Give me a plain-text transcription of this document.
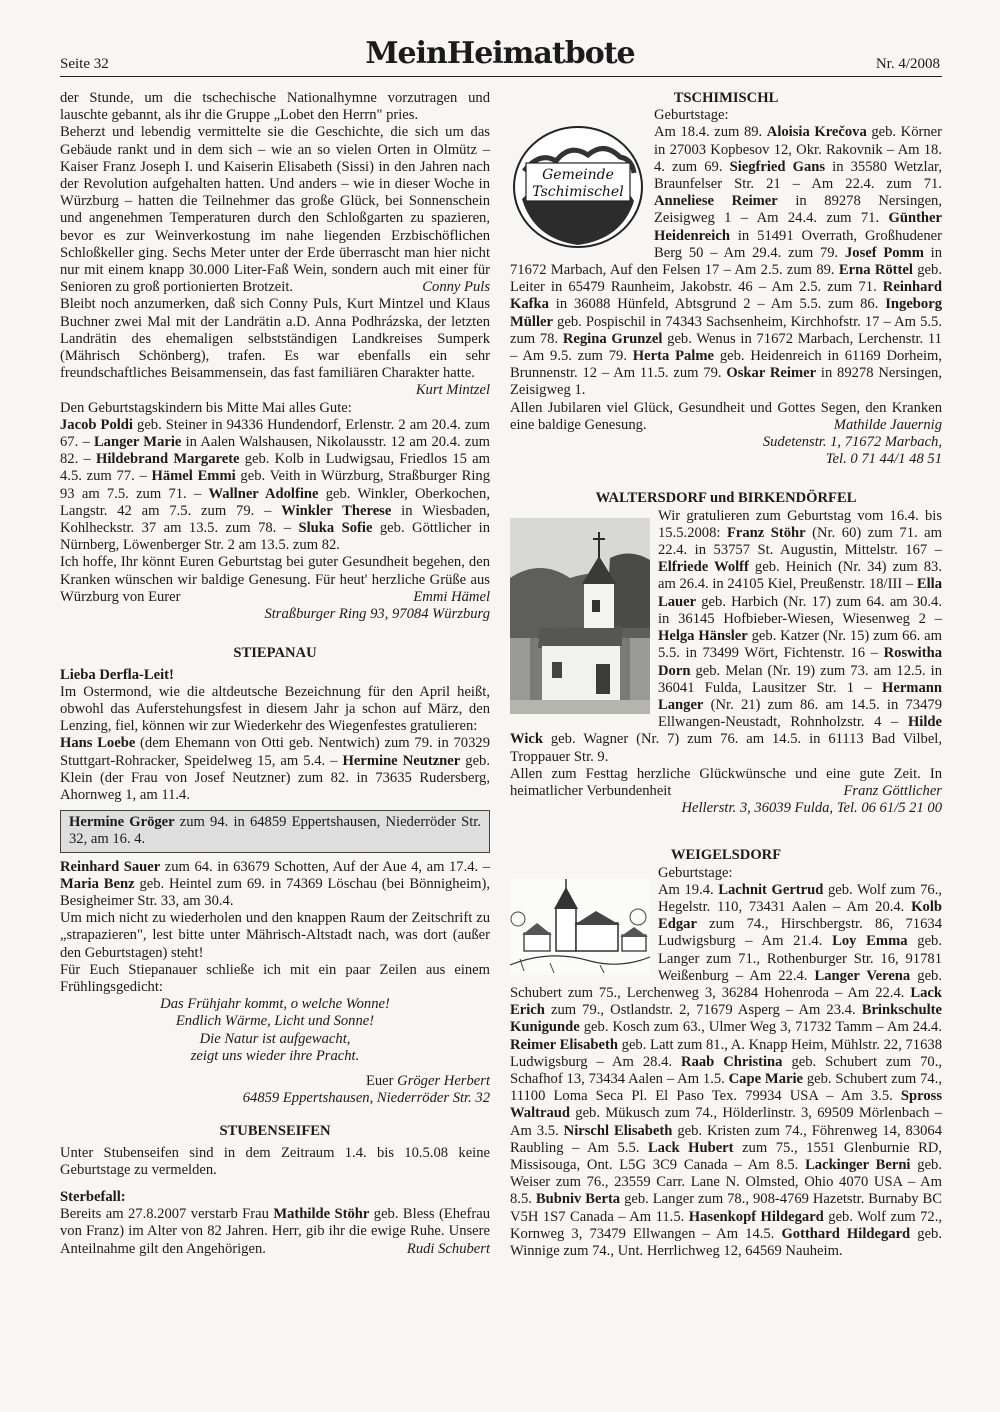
Seite 32	MeinHeimatbote	Nr. 4/2008

der Stunde, um die tschechische Nationalhymne vorzutragen und lauschte gebannt, als ihr die Gruppe „Lobet den Herrn" pries.

Beherzt und lebendig vermittelte sie die Geschichte, die sich um das Gebäude rankt und in dem sich – wie an so vielen Orten in Olmütz – Kaiser Franz Joseph I. und Kaiserin Elisabeth (Sissi) in den Jahren nach der Revolution aufgehalten hatten. Und anders – wie in dieser Woche in Würzburg – hatten die Teilnehmer das große Glück, bei Sonnenschein und angenehmen Temperaturen durch den Schloßgarten zu spazieren, bevor es zur Weinverkostung im nahe liegenden Erzbischöflichen Schloßkeller ging. Sechs Meter unter der Erde überrascht man hier nicht nur mit einem knapp 30.000 Liter-Faß Wein, sondern auch mit einer für Senioren zu groß portionierten Brotzeit.	Conny Puls

Bleibt noch anzumerken, daß sich Conny Puls, Kurt Mintzel und Klaus Buchner zwei Mal mit der Landrätin a.D. Anna Podhrázska, der letzten Landrätin des ehemaligen selbstständigen Landkreises Sumperk (Mährisch Schönberg), trafen. Es war ebenfalls ein sehr freundschaftliches Beisammensein, das fast familiären Charakter hatte.
Kurt Mintzel

Den Geburtstagskindern bis Mitte Mai alles Gute:

Jacob Poldi geb. Steiner in 94336 Hundendorf, Erlenstr. 2 am 20.4. zum 67. – Langer Marie in Aalen Walshausen, Nikolausstr. 12 am 20.4. zum 82. – Hildebrand Margarete geb. Kolb in Ludwigsau, Friedlos 15 am 4.5. zum 77. – Hämel Emmi geb. Veith in Würzburg, Straßburger Ring 93 am 7.5. zum 71. – Wallner Adolfine geb. Winkler, Oberkochen, Langstr. 42 am 7.5. zum 79. – Winkler Therese in Wiesbaden, Kohlheckstr. 37 am 13.5. zum 78. – Sluka Sofie geb. Göttlicher in Nürnberg, Löwenberger Str. 2 am 13.5. zum 82.

Ich hoffe, Ihr könnt Euren Geburtstag bei guter Gesundheit begehen, den Kranken wünschen wir baldige Genesung. Für heut' herzliche Grüße aus Würzburg von Eurer	Emmi Hämel

Straßburger Ring 93, 97084 Würzburg

STIEPANAU

Lieba Derfla-Leit!

Im Ostermond, wie die altdeutsche Bezeichnung für den April heißt, obwohl das Auferstehungsfest in diesem Jahr ja schon auf März, den Lenzing, fiel, können wir zur Wiederkehr des Wiegenfestes gratulieren:

Hans Loebe (dem Ehemann von Otti geb. Nentwich) zum 79. in 70329 Stuttgart-Rohracker, Speidelweg 15, am 5.4. – Hermine Neutzner geb. Klein (der Frau von Josef Neutzner) zum 82. in 73635 Rudersberg, Ahornweg 1, am 11.4.

Hermine Gröger zum 94. in 64859 Eppertshausen, Niederröder Str. 32, am 16. 4.

Reinhard Sauer zum 64. in 63679 Schotten, Auf der Aue 4, am 17.4. – Maria Benz geb. Heintel zum 69. in 74369 Löschau (bei Bönnigheim), Besigheimer Str. 33, am 30.4.

Um mich nicht zu wiederholen und den knappen Raum der Zeitschrift zu „strapazieren", lest bitte unter Mährisch-Altstadt nach, was dort (außer den Geburtstagen) steht!

Für Euch Stiepanauer schließe ich mit ein paar Zeilen aus einem Frühlingsgedicht:

Das Frühjahr kommt, o welche Wonne!
Endlich Wärme, Licht und Sonne!
Die Natur ist aufgewacht,
zeigt uns wieder ihre Pracht.

Euer Gröger Herbert

64859 Eppertshausen, Niederröder Str. 32

STUBENSEIFEN

Unter Stubenseifen sind in dem Zeitraum 1.4. bis 10.5.08 keine Geburtstage zu vermelden.

Sterbefall:

Bereits am 27.8.2007 verstarb Frau Mathilde Stöhr geb. Bless (Ehefrau von Franz) im Alter von 82 Jahren. Herr, gib ihr die ewige Ruhe. Unsere Anteilnahme gilt den Angehörigen.	Rudi Schubert

TSCHIMISCHL

Gemeinde
Tschimischel

Geburtstage:

Am 18.4. zum 89. Aloisia Krečova geb. Körner in 27003 Kopbesov 12, Okr. Rakovnik – Am 18. 4. zum 69. Siegfried Gans in 35580 Wetzlar, Braunfelser Str. 21 – Am 22.4. zum 71. Anneliese Reimer in 89278 Nersingen, Zeisigweg 1 – Am 24.4. zum 71. Günther Heidenreich in 51491 Overrath, Großhudener Berg 50 – Am 29.4. zum 79. Josef Pomm in 71672 Marbach, Auf den Felsen 17 – Am 2.5. zum 89. Erna Röttel geb. Leiter in 65479 Raunheim, Jakobstr. 46 – Am 2.5. zum 71. Reinhard Kafka in 36088 Hünfeld, Abtsgrund 2 – Am 5.5. zum 86. Ingeborg Müller geb. Pospischil in 74343 Sachsenheim, Kirchhofstr. 17 – Am 5.5. zum 78. Regina Grunzel geb. Wenus in 71672 Marbach, Lerchenstr. 11 – Am 9.5. zum 79. Herta Palme geb. Heidenreich in 61169 Dorheim, Brunnenstr. 12 – Am 11.5. zum 79. Oskar Reimer in 89278 Nersingen, Zeisigweg 1.

Allen Jubilaren viel Glück, Gesundheit und Gottes Segen, den Kranken eine baldige Genesung.	Mathilde Jauernig

Sudetenstr. 1, 71672 Marbach,

Tel. 0 71 44/1 48 51

WALTERSDORF und BIRKENDÖRFEL

Wir gratulieren zum Geburtstag vom 16.4. bis 15.5.2008: Franz Stöhr (Nr. 60) zum 71. am 22.4. in 53757 St. Augustin, Mittelstr. 167 – Elfriede Wolff geb. Heinich (Nr. 34) zum 83. am 26.4. in 24105 Kiel, Preußenstr. 18/III – Ella Lauer geb. Harbich (Nr. 17) zum 64. am 30.4. in 36145 Hofbieber-Wiesen, Wiesenweg 2 – Helga Hänsler geb. Katzer (Nr. 15) zum 66. am 5.5. in 73499 Wört, Fichtenstr. 16 – Roswitha Dorn geb. Melan (Nr. 19) zum 73. am 12.5. in 36041 Fulda, Lausitzer Str. 1 – Hermann Langer (Nr. 21) zum 86. am 14.5. in 73479 Ellwangen-Neustadt, Rohnholzstr. 4 – Hilde Wick geb. Wagner (Nr. 7) zum 76. am 14.5. in 61113 Bad Vilbel, Troppauer Str. 9.

Allen zum Festtag herzliche Glückwünsche und eine gute Zeit. In heimatlicher Verbundenheit	Franz Göttlicher

Hellerstr. 3, 36039 Fulda, Tel. 06 61/5 21 00

WEIGELSDORF

Geburtstage:

Am 19.4. Lachnit Gertrud geb. Wolf zum 76., Hegelstr. 110, 73431 Aalen – Am 20.4. Kolb Edgar zum 74., Hirschbergstr. 86, 71634 Ludwigsburg – Am 21.4. Loy Emma geb. Langer zum 71., Rothenburger Str. 16, 91781 Weißenburg – Am 22.4. Langer Verena geb. Schubert zum 75., Lerchenweg 3, 36284 Hohenroda – Am 22.4. Lack Erich zum 79., Ostlandstr. 2, 71679 Asperg – Am 23.4. Brinkschulte Kunigunde geb. Kosch zum 63., Ulmer Weg 3, 71732 Tamm – Am 24.4. Reimer Elisabeth geb. Latt zum 81., A. Knapp Heim, Mühlstr. 22, 71638 Ludwigsburg – Am 28.4. Raab Christina geb. Schubert zum 70., Schafhof 13, 73434 Aalen – Am 1.5. Cape Marie geb. Schubert zum 74., 11100 Loma Seca Pl. El Paso Tex. 79934 USA – Am 3.5. Spross Waltraud geb. Mükusch zum 74., Hölderlinstr. 3, 69509 Mörlenbach – Am 3.5. Nirschl Elisabeth geb. Kristen zum 74., Föhrenweg 14, 83064 Raubling – Am 5.5. Lack Hubert zum 75., 1551 Glenburnie RD, Missisouga, Ont. L5G 3C9 Canada – Am 8.5. Lackinger Berni geb. Weiser zum 76., 23559 Carr. Lane N. Olmsted, Ohio 4070 USA – Am 8.5. Bubniv Berta geb. Langer zum 78., 908-4769 Hazetstr. Burnaby BC V5H 1S7 Canada – Am 11.5. Hasenkopf Hildegard geb. Wolf zum 72., Kornweg 3, 73479 Ellwangen – Am 14.5. Gotthard Hildegard geb. Winnige zum 74., Unt. Herrlichweg 12, 64569 Nauheim.
